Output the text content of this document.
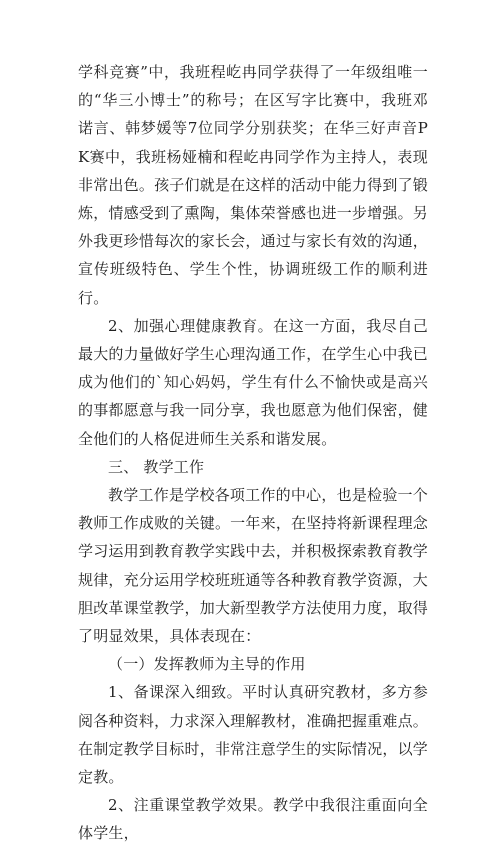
学科竞赛”中，我班程屹冉同学获得了一年级组唯一的“华三小博士”的称号；在区写字比赛中，我班邓诺言、韩梦媛等7位同学分别获奖；在华三好声音PK赛中，我班杨娅楠和程屹冉同学作为主持人，表现非常出色。孩子们就是在这样的活动中能力得到了锻炼，情感受到了熏陶，集体荣誉感也进一步增强。另外我更珍惜每次的家长会，通过与家长有效的沟通，宣传班级特色、学生个性，协调班级工作的顺利进行。

2、加强心理健康教育。在这一方面，我尽自己最大的力量做好学生心理沟通工作，在学生心中我已成为他们的`知心妈妈，学生有什么不愉快或是高兴的事都愿意与我一同分享，我也愿意为他们保密，健全他们的人格促进师生关系和谐发展。

三、 教学工作

教学工作是学校各项工作的中心，也是检验一个教师工作成败的关键。一年来，在坚持将新课程理念学习运用到教育教学实践中去，并积极探索教育教学规律，充分运用学校班班通等各种教育教学资源，大胆改革课堂教学，加大新型教学方法使用力度，取得了明显效果，具体表现在：

（一）发挥教师为主导的作用

1、备课深入细致。平时认真研究教材，多方参阅各种资料，力求深入理解教材，准确把握重难点。在制定教学目标时，非常注意学生的实际情况，以学定教。

2、注重课堂教学效果。教学中我很注重面向全体学生，
